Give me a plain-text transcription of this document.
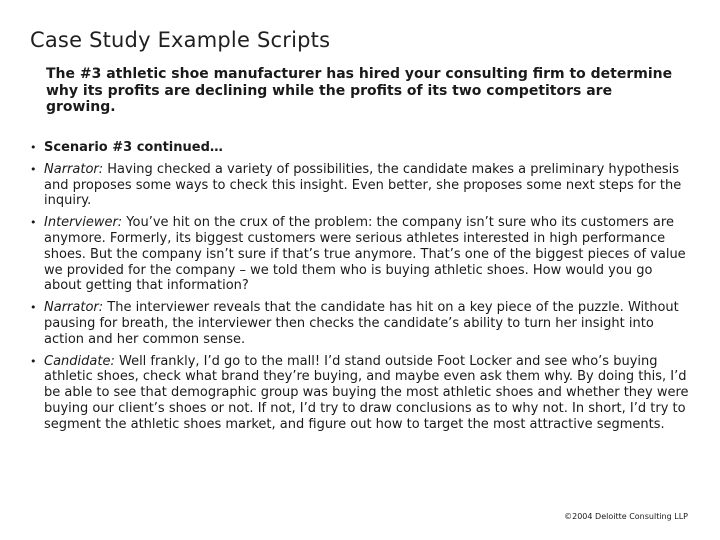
Case Study Example Scripts
The #3 athletic shoe manufacturer has hired your consulting firm to determine why its profits are declining while the profits of its two competitors are growing.
• Scenario #3 continued…
• Narrator: Having checked a variety of possibilities, the candidate makes a preliminary hypothesis and proposes some ways to check this insight. Even better, she proposes some next steps for the inquiry.
• Interviewer: You’ve hit on the crux of the problem: the company isn’t sure who its customers are anymore. Formerly, its biggest customers were serious athletes interested in high performance shoes. But the company isn’t sure if that’s true anymore. That’s one of the biggest pieces of value we provided for the company – we told them who is buying athletic shoes. How would you go about getting that information?
• Narrator: The interviewer reveals that the candidate has hit on a key piece of the puzzle. Without pausing for breath, the interviewer then checks the candidate’s ability to turn her insight into action and her common sense.
• Candidate: Well frankly, I’d go to the mall! I’d stand outside Foot Locker and see who’s buying athletic shoes, check what brand they’re buying, and maybe even ask them why. By doing this, I’d be able to see that demographic group was buying the most athletic shoes and whether they were buying our client’s shoes or not. If not, I’d try to draw conclusions as to why not. In short, I’d try to segment the athletic shoes market, and figure out how to target the most attractive segments.
©2004 Deloitte Consulting LLP
